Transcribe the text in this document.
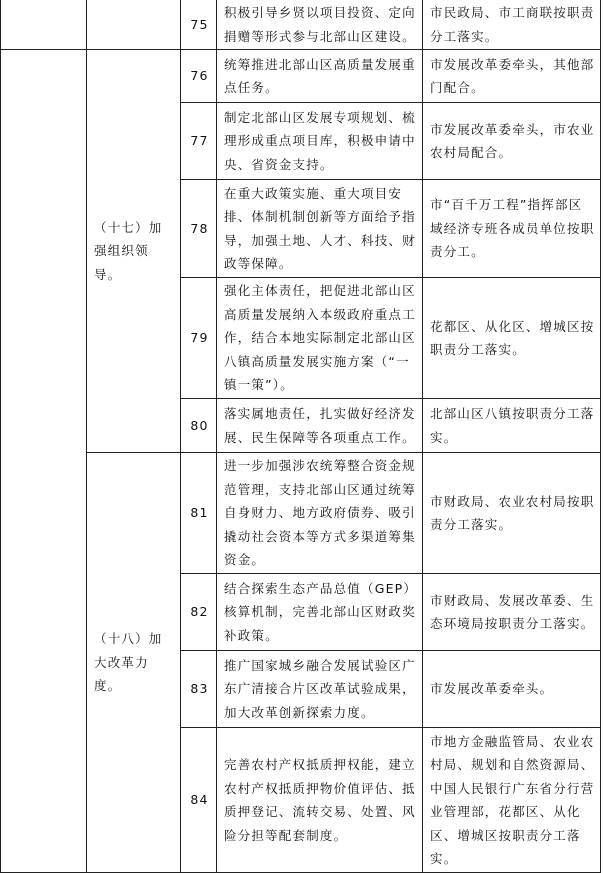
		75	积极引导乡贤以项目投资、定向捐赠等形式参与北部山区建设。	市民政局、市工商联按职责分工落实。
	（十七）加强组织领导。	76	统筹推进北部山区高质量发展重点任务。	市发展改革委牵头，其他部门配合。
		77	制定北部山区发展专项规划、梳理形成重点项目库，积极申请中央、省资金支持。	市发展改革委牵头，市农业农村局配合。
		78	在重大政策实施、重大项目安排、体制机制创新等方面给予指导，加强土地、人才、科技、财政等保障。	市“百千万工程”指挥部区域经济专班各成员单位按职责分工。
		79	强化主体责任，把促进北部山区高质量发展纳入本级政府重点工作，结合本地实际制定北部山区八镇高质量发展实施方案（“一镇一策”）。	花都区、从化区、增城区按职责分工落实。
		80	落实属地责任，扎实做好经济发展、民生保障等各项重点工作。	北部山区八镇按职责分工落实。
	（十八）加大改革力度。	81	进一步加强涉农统筹整合资金规范管理，支持北部山区通过统筹自身财力、地方政府债券、吸引撬动社会资本等方式多渠道筹集资金。	市财政局、农业农村局按职责分工落实。
		82	结合探索生态产品总值（GEP）核算机制，完善北部山区财政奖补政策。	市财政局、发展改革委、生态环境局按职责分工落实。
		83	推广国家城乡融合发展试验区广东广清接合片区改革试验成果，加大改革创新探索力度。	市发展改革委牵头。
		84	完善农村产权抵质押权能，建立农村产权抵质押物价值评估、抵质押登记、流转交易、处置、风险分担等配套制度。	市地方金融监管局、农业农村局、规划和自然资源局、中国人民银行广东省分行营业管理部，花都区、从化区、增城区按职责分工落实。
